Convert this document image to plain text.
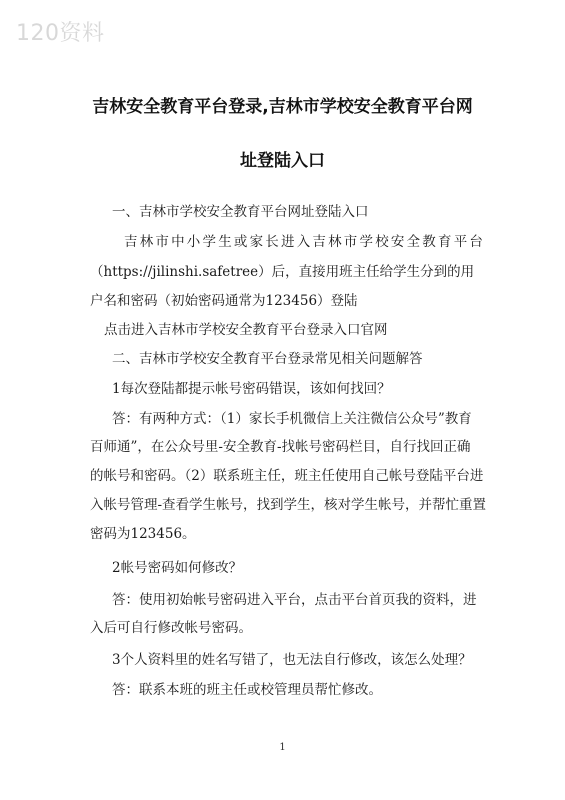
120资料
吉林安全教育平台登录,吉林市学校安全教育平台网
址登陆入口
一、吉林市学校安全教育平台网址登陆入口
吉林市中小学生或家长进入吉林市学校安全教育平台
（https://jilinshi.safetree）后，直接用班主任给学生分到的用
户名和密码（初始密码通常为123456）登陆
点击进入吉林市学校安全教育平台登录入口官网
二、吉林市学校安全教育平台登录常见相关问题解答
1每次登陆都提示帐号密码错误，该如何找回？
答：有两种方式：（1）家长手机微信上关注微信公众号”教育
百师通”，在公众号里-安全教育-找帐号密码栏目，自行找回正确
的帐号和密码。（2）联系班主任，班主任使用自己帐号登陆平台进
入帐号管理-查看学生帐号，找到学生，核对学生帐号，并帮忙重置
密码为123456。
2帐号密码如何修改？
答：使用初始帐号密码进入平台，点击平台首页我的资料，进
入后可自行修改帐号密码。
3个人资料里的姓名写错了，也无法自行修改，该怎么处理？
答：联系本班的班主任或校管理员帮忙修改。
1
